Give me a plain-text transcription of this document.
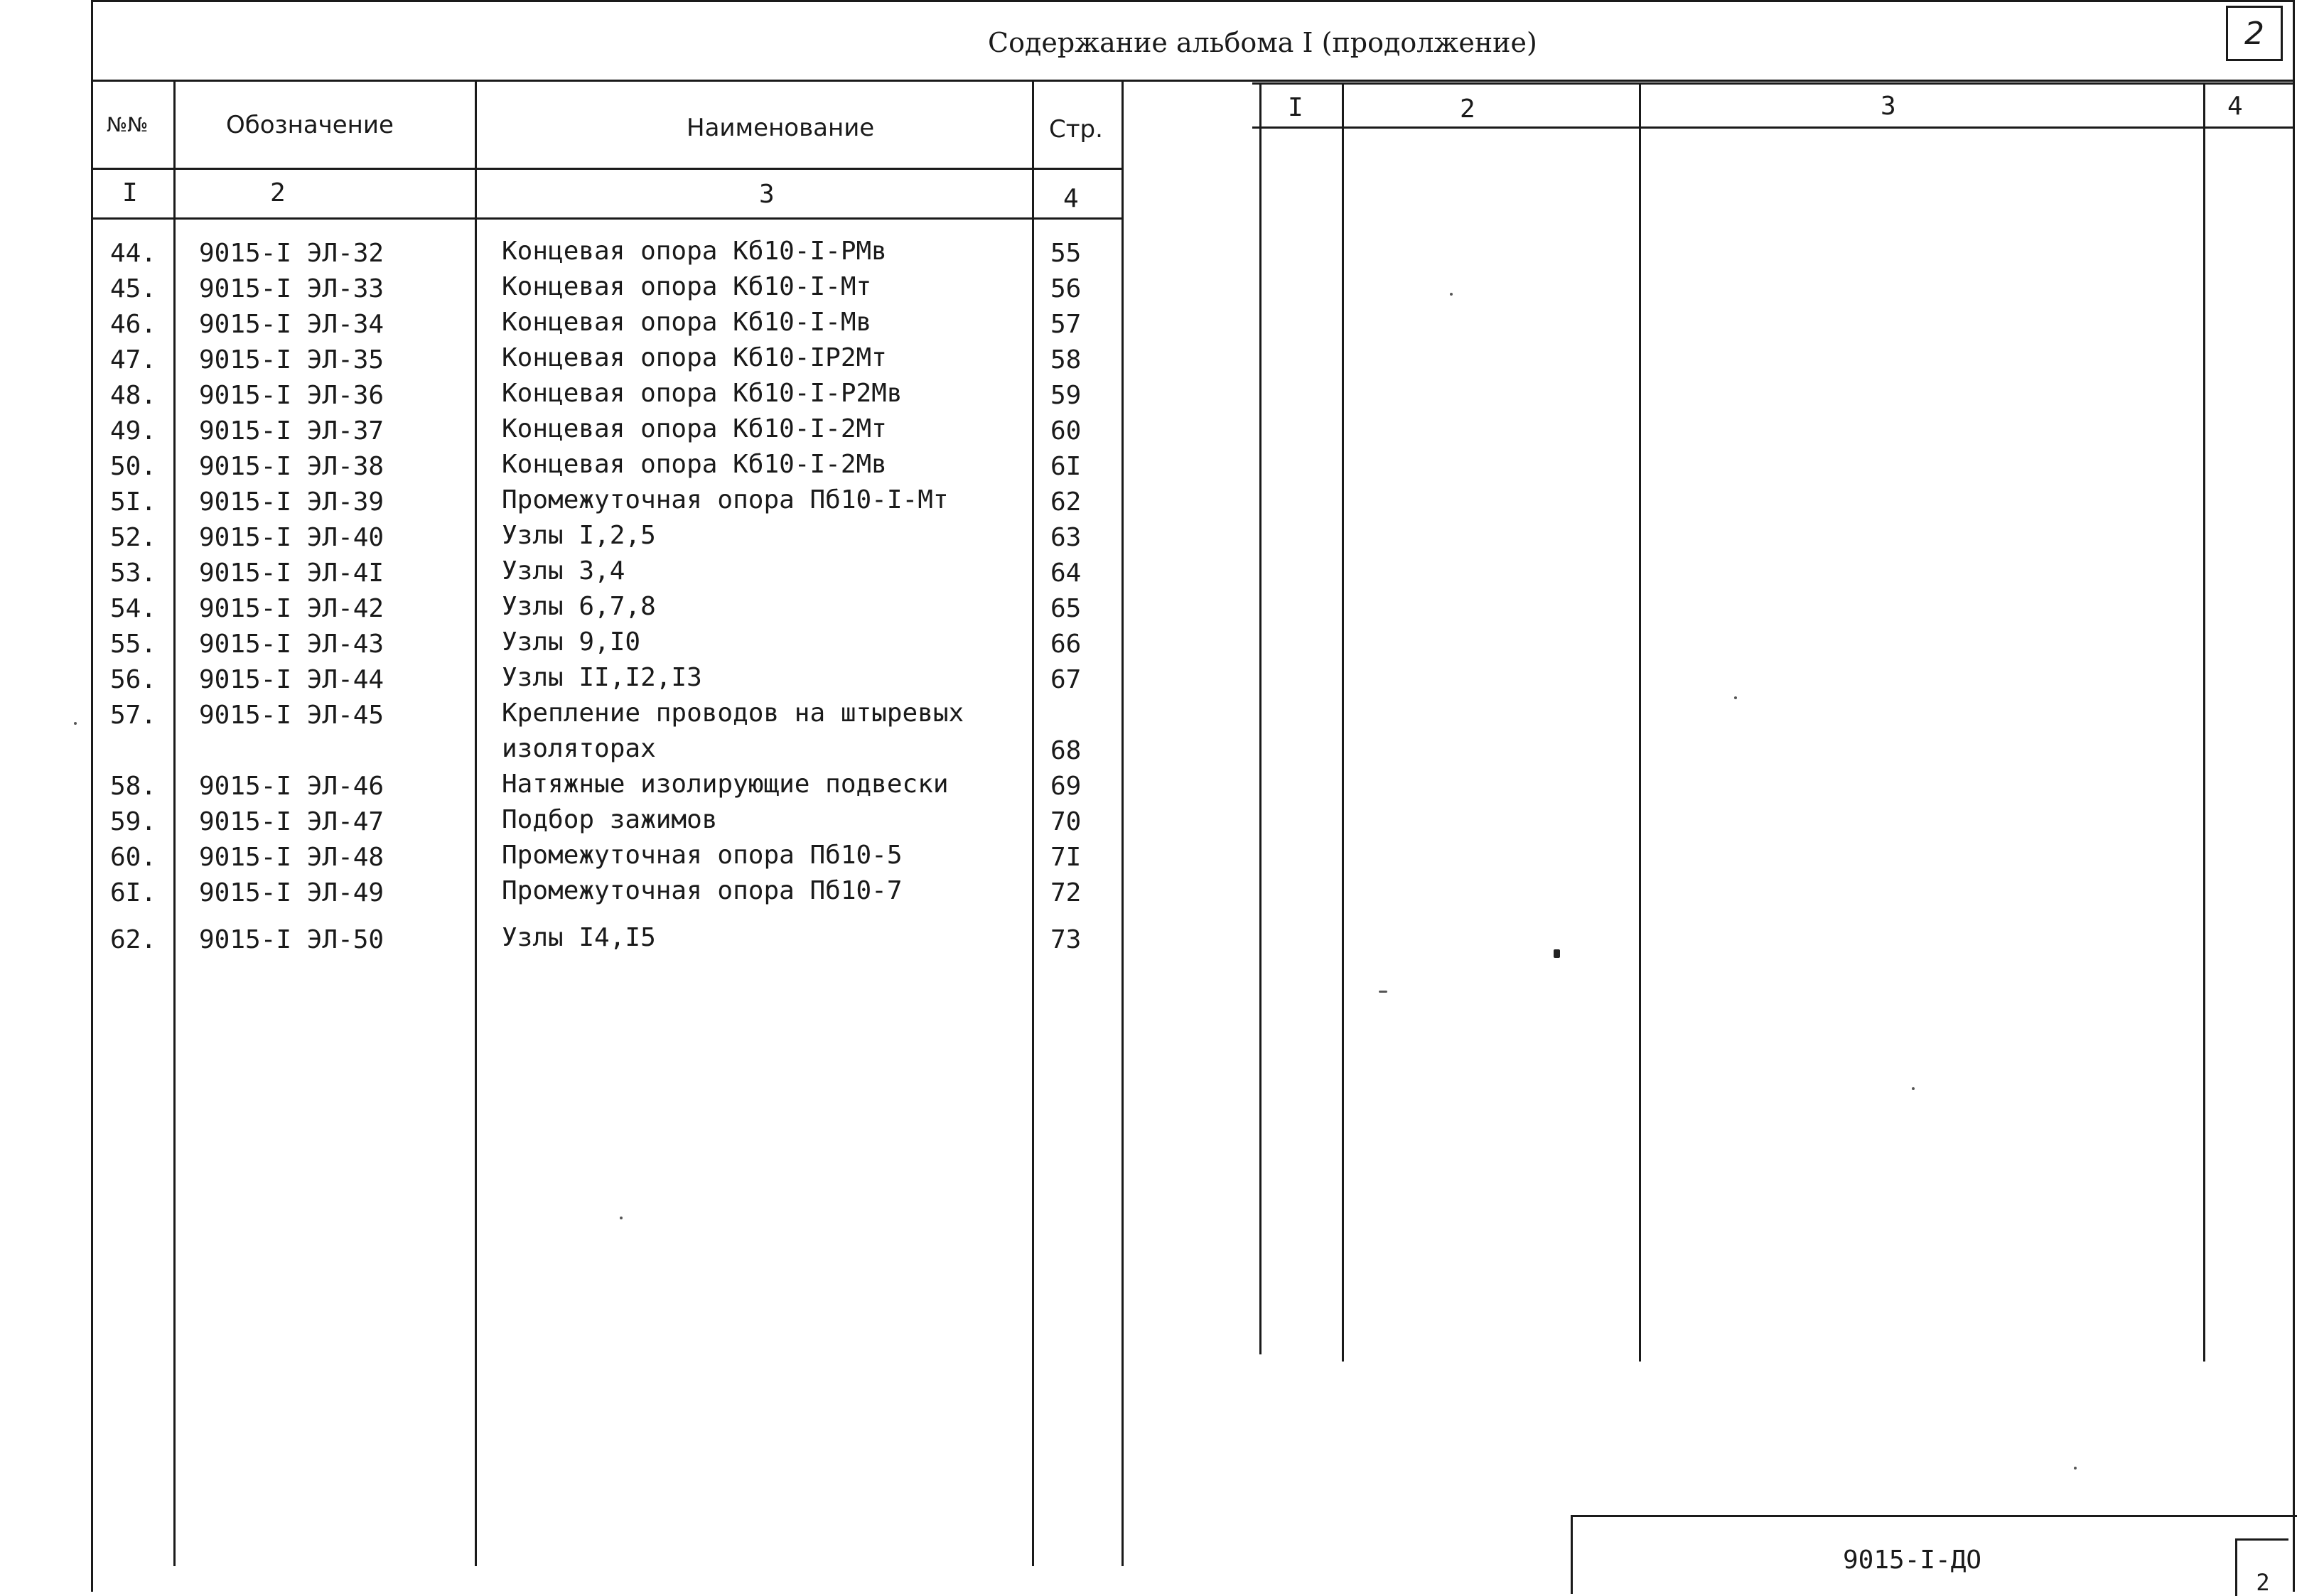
Содержание альбома I (продолжение)	2
№№	Обозначение	Наименование	Стр.
I	2	3	4
44. 9015-I ЭЛ-32	Концевая опора Кб10-I-РМв	55
45. 9015-I ЭЛ-33	Концевая опора Кб10-I-Мт	56
46. 9015-I ЭЛ-34	Концевая опора Кб10-I-Мв	57
47. 9015-I ЭЛ-35	Концевая опора Кб10-IР2Мт	58
48. 9015-I ЭЛ-36	Концевая опора Кб10-I-Р2Мв	59
49. 9015-I ЭЛ-37	Концевая опора Кб10-I-2Мт	60
50. 9015-I ЭЛ-38	Концевая опора Кб10-I-2Мв	6I
5I. 9015-I ЭЛ-39	Промежуточная опора Пб10-I-Мт	62
52. 9015-I ЭЛ-40	Узлы I,2,5	63
53. 9015-I ЭЛ-4I	Узлы 3,4	64
54. 9015-I ЭЛ-42	Узлы 6,7,8	65
55. 9015-I ЭЛ-43	Узлы 9,I0	66
56. 9015-I ЭЛ-44	Узлы II,I2,I3	67
57. 9015-I ЭЛ-45	Крепление проводов на штыревых
изоляторах	68
58. 9015-I ЭЛ-46	Натяжные изолирующие подвески	69
59. 9015-I ЭЛ-47	Подбор зажимов	70
60. 9015-I ЭЛ-48	Промежуточная опора Пб10-5	7I
6I. 9015-I ЭЛ-49	Промежуточная опора Пб10-7	72
62. 9015-I ЭЛ-50	Узлы I4,I5	73
I	2	3	4
9015-I-ДО
2
